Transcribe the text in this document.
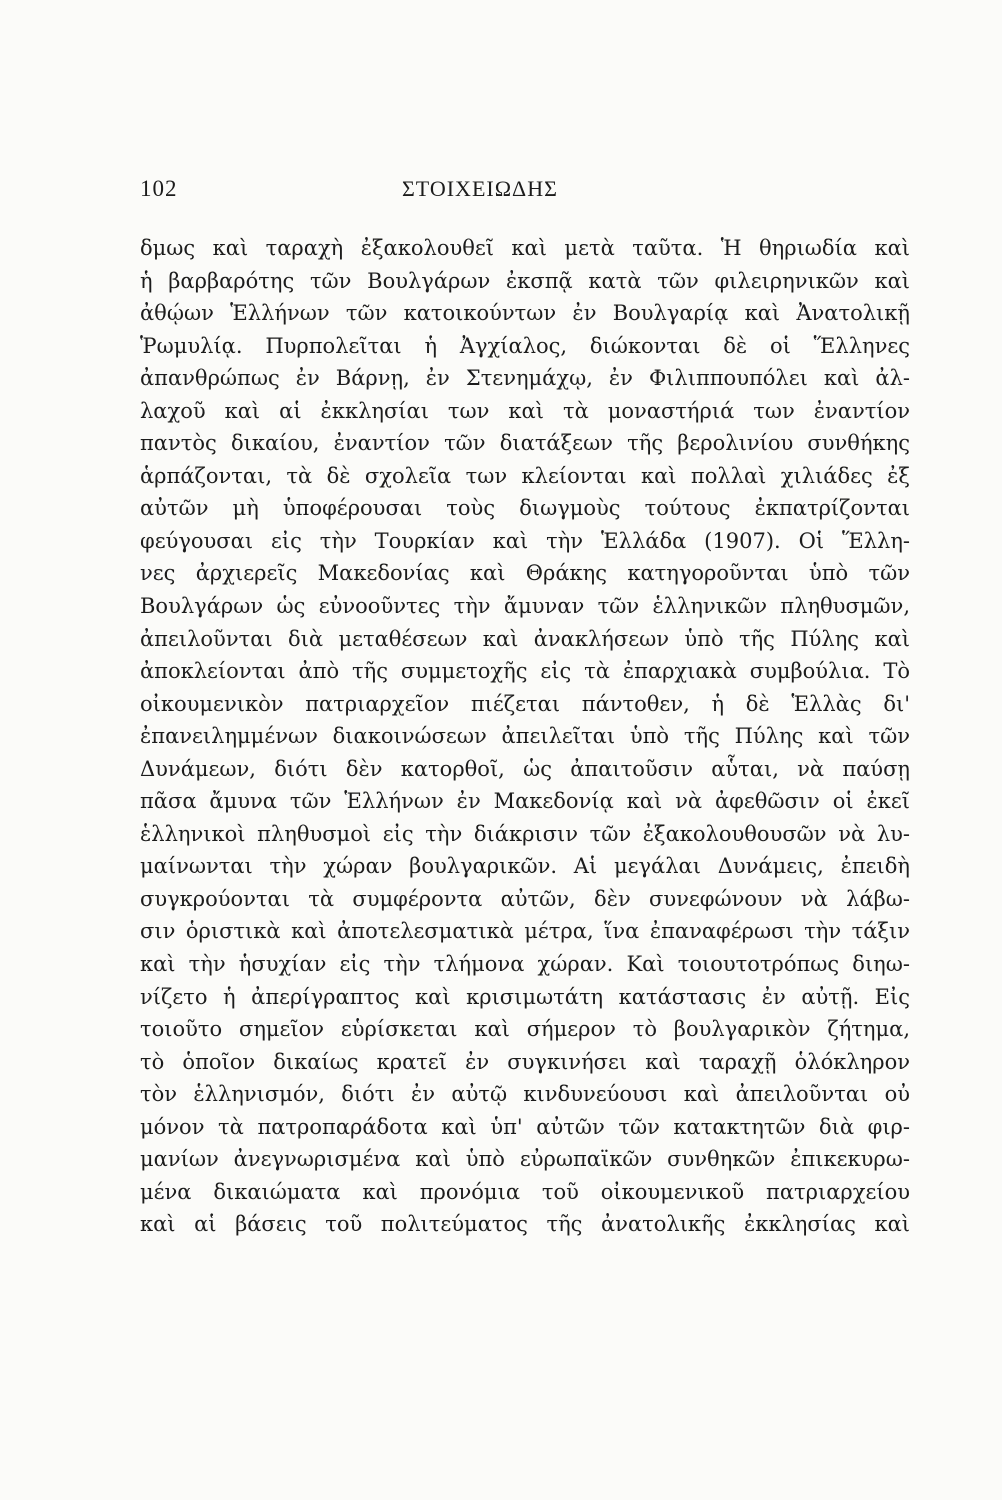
102	ΣΤΟΙΧΕΙΩΔΗΣ
δμως καὶ ταραχὴ ἐξακολουθεῖ καὶ μετὰ ταῦτα. Ἡ θηριωδία καὶ
ἡ βαρβαρότης τῶν Βουλγάρων ἐκσπᾷ κατὰ τῶν φιλειρηνικῶν καὶ
ἀθῴων Ἑλλήνων τῶν κατοικούντων ἐν Βουλγαρίᾳ καὶ Ἀνατολικῇ
Ῥωμυλίᾳ. Πυρπολεῖται ἡ Ἀγχίαλος, διώκονται δὲ οἱ Ἕλληνες
ἀπανθρώπως ἐν Βάρνῃ, ἐν Στενημάχῳ, ἐν Φιλιππουπόλει καὶ ἀλ-
λαχοῦ καὶ αἱ ἐκκλησίαι των καὶ τὰ μοναστήριά των ἐναντίον
παντὸς δικαίου, ἐναντίον τῶν διατάξεων τῆς βερολινίου συνθήκης
ἁρπάζονται, τὰ δὲ σχολεῖα των κλείονται καὶ πολλαὶ χιλιάδες ἐξ
αὐτῶν μὴ ὑποφέρουσαι τοὺς διωγμοὺς τούτους ἐκπατρίζονται
φεύγουσαι εἰς τὴν Τουρκίαν καὶ τὴν Ἑλλάδα (1907). Οἱ Ἕλλη-
νες ἀρχιερεῖς Μακεδονίας καὶ Θράκης κατηγοροῦνται ὑπὸ τῶν
Βουλγάρων ὡς εὐνοοῦντες τὴν ἄμυναν τῶν ἑλληνικῶν πληθυσμῶν,
ἀπειλοῦνται διὰ μεταθέσεων καὶ ἀνακλήσεων ὑπὸ τῆς Πύλης καὶ
ἀποκλείονται ἀπὸ τῆς συμμετοχῆς εἰς τὰ ἐπαρχιακὰ συμβούλια. Τὸ
οἰκουμενικὸν πατριαρχεῖον πιέζεται πάντοθεν, ἡ δὲ Ἑλλὰς δι'
ἐπανειλημμένων διακοινώσεων ἀπειλεῖται ὑπὸ τῆς Πύλης καὶ τῶν
Δυνάμεων, διότι δὲν κατορθοῖ, ὡς ἀπαιτοῦσιν αὗται, νὰ παύσῃ
πᾶσα ἄμυνα τῶν Ἑλλήνων ἐν Μακεδονίᾳ καὶ νὰ ἀφεθῶσιν οἱ ἐκεῖ
ἑλληνικοὶ πληθυσμοὶ εἰς τὴν διάκρισιν τῶν ἐξακολουθουσῶν νὰ λυ-
μαίνωνται τὴν χώραν βουλγαρικῶν. Αἱ μεγάλαι Δυνάμεις, ἐπειδὴ
συγκρούονται τὰ συμφέροντα αὐτῶν, δὲν συνεφώνουν νὰ λάβω-
σιν ὁριστικὰ καὶ ἀποτελεσματικὰ μέτρα, ἵνα ἐπαναφέρωσι τὴν τάξιν
καὶ τὴν ἡσυχίαν εἰς τὴν τλήμονα χώραν. Καὶ τοιουτοτρόπως διηω-
νίζετο ἡ ἀπερίγραπτος καὶ κρισιμωτάτη κατάστασις ἐν αὐτῇ. Εἰς
τοιοῦτο σημεῖον εὑρίσκεται καὶ σήμερον τὸ βουλγαρικὸν ζήτημα,
τὸ ὁποῖον δικαίως κρατεῖ ἐν συγκινήσει καὶ ταραχῇ ὁλόκληρον
τὸν ἑλληνισμόν, διότι ἐν αὐτῷ κινδυνεύουσι καὶ ἀπειλοῦνται οὐ
μόνον τὰ πατροπαράδοτα καὶ ὑπ' αὐτῶν τῶν κατακτητῶν διὰ φιρ-
μανίων ἀνεγνωρισμένα καὶ ὑπὸ εὐρωπαϊκῶν συνθηκῶν ἐπικεκυρω-
μένα δικαιώματα καὶ προνόμια τοῦ οἰκουμενικοῦ πατριαρχείου
καὶ αἱ βάσεις τοῦ πολιτεύματος τῆς ἀνατολικῆς ἐκκλησίας καὶ
